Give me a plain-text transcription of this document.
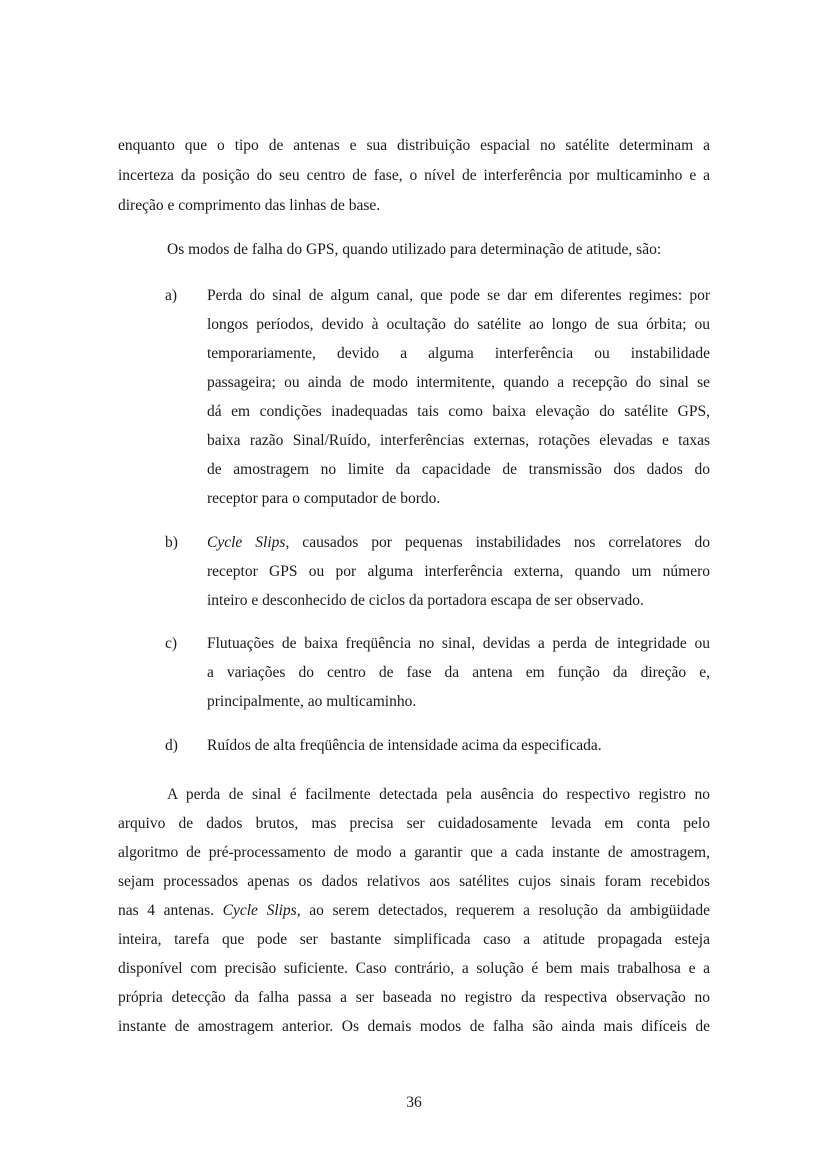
enquanto que o tipo de antenas e sua distribuição espacial no satélite determinam a
incerteza da posição do seu centro de fase, o nível de interferência por multicaminho e a
direção e comprimento das linhas de base.
Os modos de falha do GPS, quando utilizado para determinação de atitude, são:
a) Perda do sinal de algum canal, que pode se dar em diferentes regimes: por
longos períodos, devido à ocultação do satélite ao longo de sua órbita; ou
temporariamente, devido a alguma interferência ou instabilidade
passageira; ou ainda de modo intermitente, quando a recepção do sinal se
dá em condições inadequadas tais como baixa elevação do satélite GPS,
baixa razão Sinal/Ruído, interferências externas, rotações elevadas e taxas
de amostragem no limite da capacidade de transmissão dos dados do
receptor para o computador de bordo.
b) Cycle Slips, causados por pequenas instabilidades nos correlatores do
receptor GPS ou por alguma interferência externa, quando um número
inteiro e desconhecido de ciclos da portadora escapa de ser observado.
c) Flutuações de baixa freqüência no sinal, devidas a perda de integridade ou
a variações do centro de fase da antena em função da direção e,
principalmente, ao multicaminho.
d) Ruídos de alta freqüência de intensidade acima da especificada.
A perda de sinal é facilmente detectada pela ausência do respectivo registro no
arquivo de dados brutos, mas precisa ser cuidadosamente levada em conta pelo
algoritmo de pré-processamento de modo a garantir que a cada instante de amostragem,
sejam processados apenas os dados relativos aos satélites cujos sinais foram recebidos
nas 4 antenas. Cycle Slips, ao serem detectados, requerem a resolução da ambigüidade
inteira, tarefa que pode ser bastante simplificada caso a atitude propagada esteja
disponível com precisão suficiente. Caso contrário, a solução é bem mais trabalhosa e a
própria detecção da falha passa a ser baseada no registro da respectiva observação no
instante de amostragem anterior. Os demais modos de falha são ainda mais difíceis de
36
